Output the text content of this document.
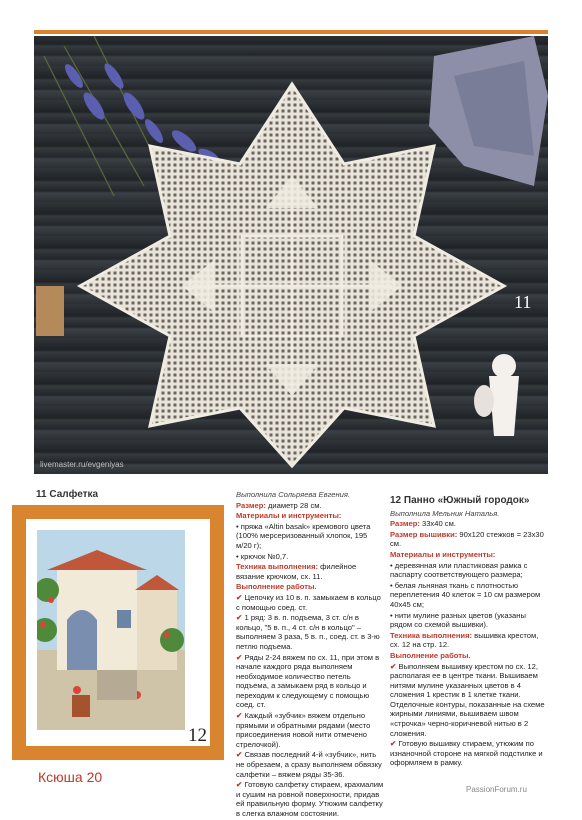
11
livemaster.ru/evgeniyas
11 Салфетка
12

Выполнила Сольряева Евгения.

Размер: диаметр 28 см.

Материалы и инструменты:

• пряжа «Altin basak» кремового цвета (100% мерсеризованный хлопок, 195 м/20 г);

• крючок №0,7.

Техника выполнения: филейное вязание крючком, сх. 11.

Выполнение работы.

✔ Цепочку из 10 в. п. замыкаем в кольцо с помощью соед. ст.

✔ 1 ряд: 3 в. п. подъема, 3 ст. с/н в кольцо, "5 в. п., 4 ст. с/н в кольцо" – выполняем 3 раза, 5 в. п., соед. ст. в 3-ю петлю подъема.

✔ Ряды 2-24 вяжем по сх. 11, при этом в начале каждого ряда выполняем необходимое количество петель подъема, а замыкаем ряд в кольцо и переходим к следующему с помощью соед. ст.

✔ Каждый «зубчик» вяжем отдельно прямыми и обратными рядами (место присоединения новой нити отмечено стрелочкой).

✔ Связав последний 4-й «зубчик», нить не обрезаем, а сразу выполняем обвязку салфетки – вяжем ряды 35-36.

✔ Готовую салфетку стираем, крахмалим и сушим на ровной поверхности, придав ей правильную форму. Утюжим салфетку в слегка влажном состоянии.

12 Панно «Южный городок»

Выполнила Мельник Наталья.

Размер: 33x40 см.

Размер вышивки: 90x120 стежков = 23x30 см.

Материалы и инструменты:

• деревянная или пластиковая рамка с паспарту соответствующего размера;

• белая льняная ткань с плотностью переплетения 40 клеток = 10 см размером 40x45 см;

• нити мулине разных цветов (указаны рядом со схемой вышивки).

Техника выполнения: вышивка крестом, сх. 12 на стр. 12.

Выполнение работы.

✔ Выполняем вышивку крестом по сх. 12, располагая ее в центре ткани. Вышиваем нитями мулине указанных цветов в 4 сложения 1 крестик в 1 клеткe ткани. Отделочные контуры, показанные на схеме жирными линиями, вышиваем швом «строчка» черно-коричневой нитью в 2 сложения.

✔ Готовую вышивку стираем, утюжим по изнаночной стороне на мягкой подстилке и оформляем в рамку.

Ксюша 20
PassionForum.ru
